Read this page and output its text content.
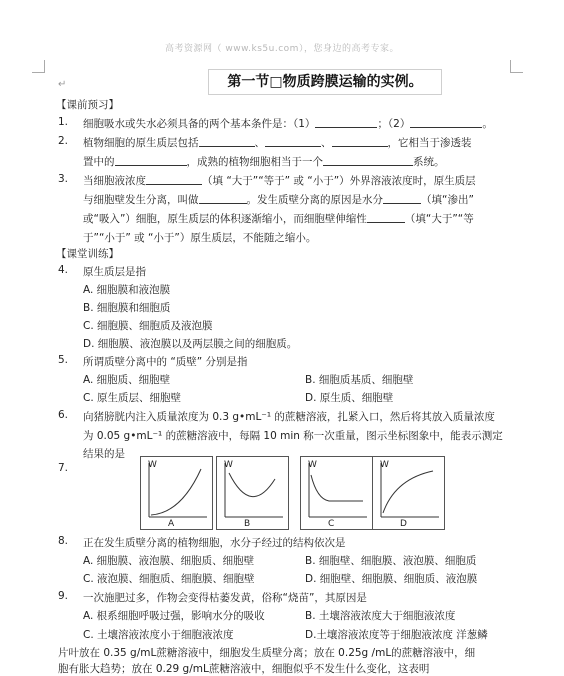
高考资源网（ www.ks5u.com），您身边的高考专家。
↵	第一节□物质跨膜运输的实例。
【课前预习】
1. 细胞吸水或失水必须具备的两个基本条件是：（1）	；（2）	。
2. 植物细胞的原生质层包括	、	、	，它相当于渗透装
置中的	，成熟的植物细胞相当于一个	系统。
3. 当细胞液浓度	（填 “大于”“等于” 或 “小于”）外界溶液浓度时，原生质层
与细胞壁发生分离，叫做	。发生质壁分离的原因是水分	（填“渗出”
或“吸入”）细胞，原生质层的体积逐渐缩小，而细胞壁伸缩性	（填“大于”“等
于”“小于” 或 “小于”）原生质层，不能随之缩小。
【课堂训练】
4. 原生质层是指
A. 细胞膜和液泡膜
B. 细胞膜和细胞质
C. 细胞膜、细胞质及液泡膜
D. 细胞膜、液泡膜以及两层膜之间的细胞质。
5. 所谓质壁分离中的 “质壁” 分别是指
A. 细胞质、细胞壁	B. 细胞质基质、细胞壁
C. 原生质层、细胞壁	D. 原生质、细胞壁
6. 向猪膀胱内注入质量浓度为 0.3 g•mL⁻¹ 的蔗糖溶液，扎紧入口，然后将其放入质量浓度
为 0.05 g•mL⁻¹ 的蔗糖溶液中，每隔 10 min 称一次重量，图示坐标图象中，能表示测定
结果的是
7.	W	W	W	W
A	B	C	D
8. 正在发生质壁分离的植物细胞，水分子经过的结构依次是
A. 细胞膜、液泡膜、细胞质、细胞壁	B. 细胞壁、细胞膜、液泡膜、细胞质
C. 液泡膜、细胞质、细胞膜、细胞壁	D. 细胞壁、细胞膜、细胞质、液泡膜
9. 一次施肥过多，作物会变得枯萎发黄，俗称“烧苗”，其原因是
A. 根系细胞呼吸过强，影响水分的吸收	B. 土壤溶液浓度大于细胞液浓度
C. 土壤溶液浓度小于细胞液浓度	D.土壤溶液浓度等于细胞液浓度 洋葱鳞
片叶放在 0.35 g/mL蔗糖溶液中，细胞发生质壁分离；放在 0.25g /mL的蔗糖溶液中，细
胞有胀大趋势；放在 0.29 g/mL蔗糖溶液中，细胞似乎不发生什么变化，这表明
